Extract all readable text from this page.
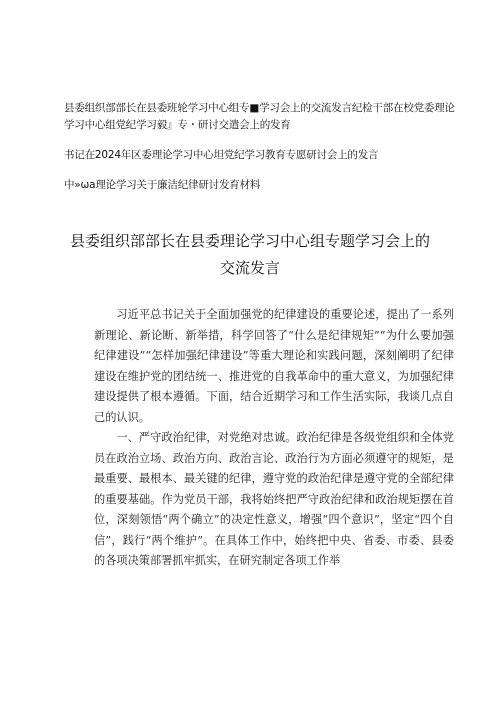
县委组织部部长在县委班轮学习中心组专■学习会上的交流发言纪检干部在校党委理论学习中心组党纪学习毅』专・研讨交遣会上的发育
书记在2024年区委理论学习中心坦党纪学习教育专愿研讨会上的发言
中»ωa理论学习关于廉洁纪律研讨发育材料
县委组织部部长在县委理论学习中心组专题学习会上的
交流发言

习近平总书记关于全面加强党的纪律建设的重要论述，提出了一系列新理论、新论断、新举措，科学回答了“什么是纪律规矩”“为什么要加强纪律建设”“怎样加强纪律建设”等重大理论和实践问题，深刻阐明了纪律建设在维护党的团结统一、推进党的自我革命中的重大意义，为加强纪律建设提供了根本遵循。下面，结合近期学习和工作生活实际，我谈几点自己的认识。

一、严守政治纪律，对党绝对忠诚。政治纪律是各级党组织和全体党员在政治立场、政治方向、政治言论、政治行为方面必须遵守的规矩，是最重要、最根本、最关键的纪律，遵守党的政治纪律是遵守党的全部纪律的重要基础。作为党员干部，我将始终把严守政治纪律和政治规矩摆在首位，深刻领悟“两个确立”的决定性意义，增强“四个意识”，坚定“四个自信”，践行“两个维护”。在具体工作中，始终把中央、省委、市委、县委的各项决策部署抓牢抓实，在研究制定各项工作举
